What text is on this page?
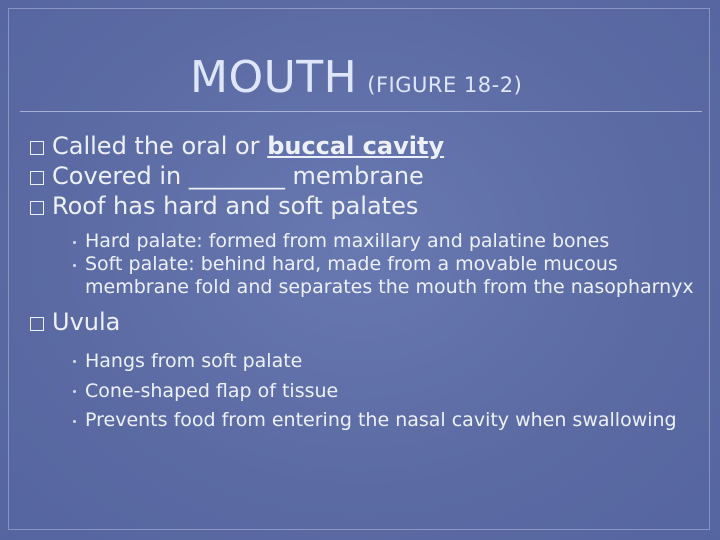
MOUTH (FIGURE 18-2)
Called the oral or buccal cavity
Covered in ________ membrane
Roof has hard and soft palates
Hard palate: formed from maxillary and palatine bones
Soft palate: behind hard, made from a movable mucous membrane fold and separates the mouth from the nasopharnyx
Uvula
Hangs from soft palate
Cone-shaped flap of tissue
Prevents food from entering the nasal cavity when swallowing
